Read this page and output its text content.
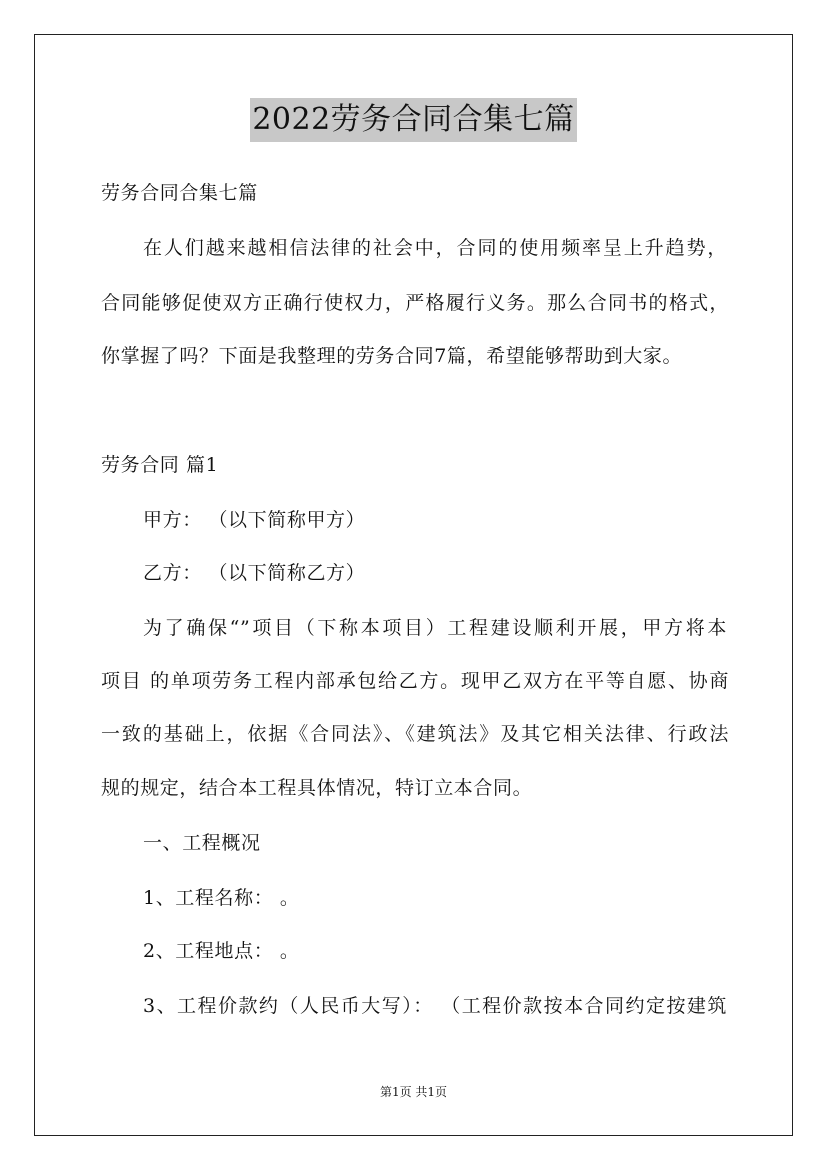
2022劳务合同合集七篇
劳务合同合集七篇
在人们越来越相信法律的社会中，合同的使用频率呈上升趋势，
合同能够促使双方正确行使权力，严格履行义务。那么合同书的格式，
你掌握了吗？下面是我整理的劳务合同7篇，希望能够帮助到大家。
劳务合同 篇1
甲方： （以下简称甲方）
乙方： （以下简称乙方）
为了确保“”项目（下称本项目）工程建设顺利开展，甲方将本
项目 的单项劳务工程内部承包给乙方。现甲乙双方在平等自愿、协商
一致的基础上，依据《合同法》、《建筑法》及其它相关法律、行政法
规的规定，结合本工程具体情况，特订立本合同。
一、工程概况
1、工程名称： 。
2、工程地点： 。
3、工程价款约（人民币大写）： （工程价款按本合同约定按建筑
第1页 共1页
